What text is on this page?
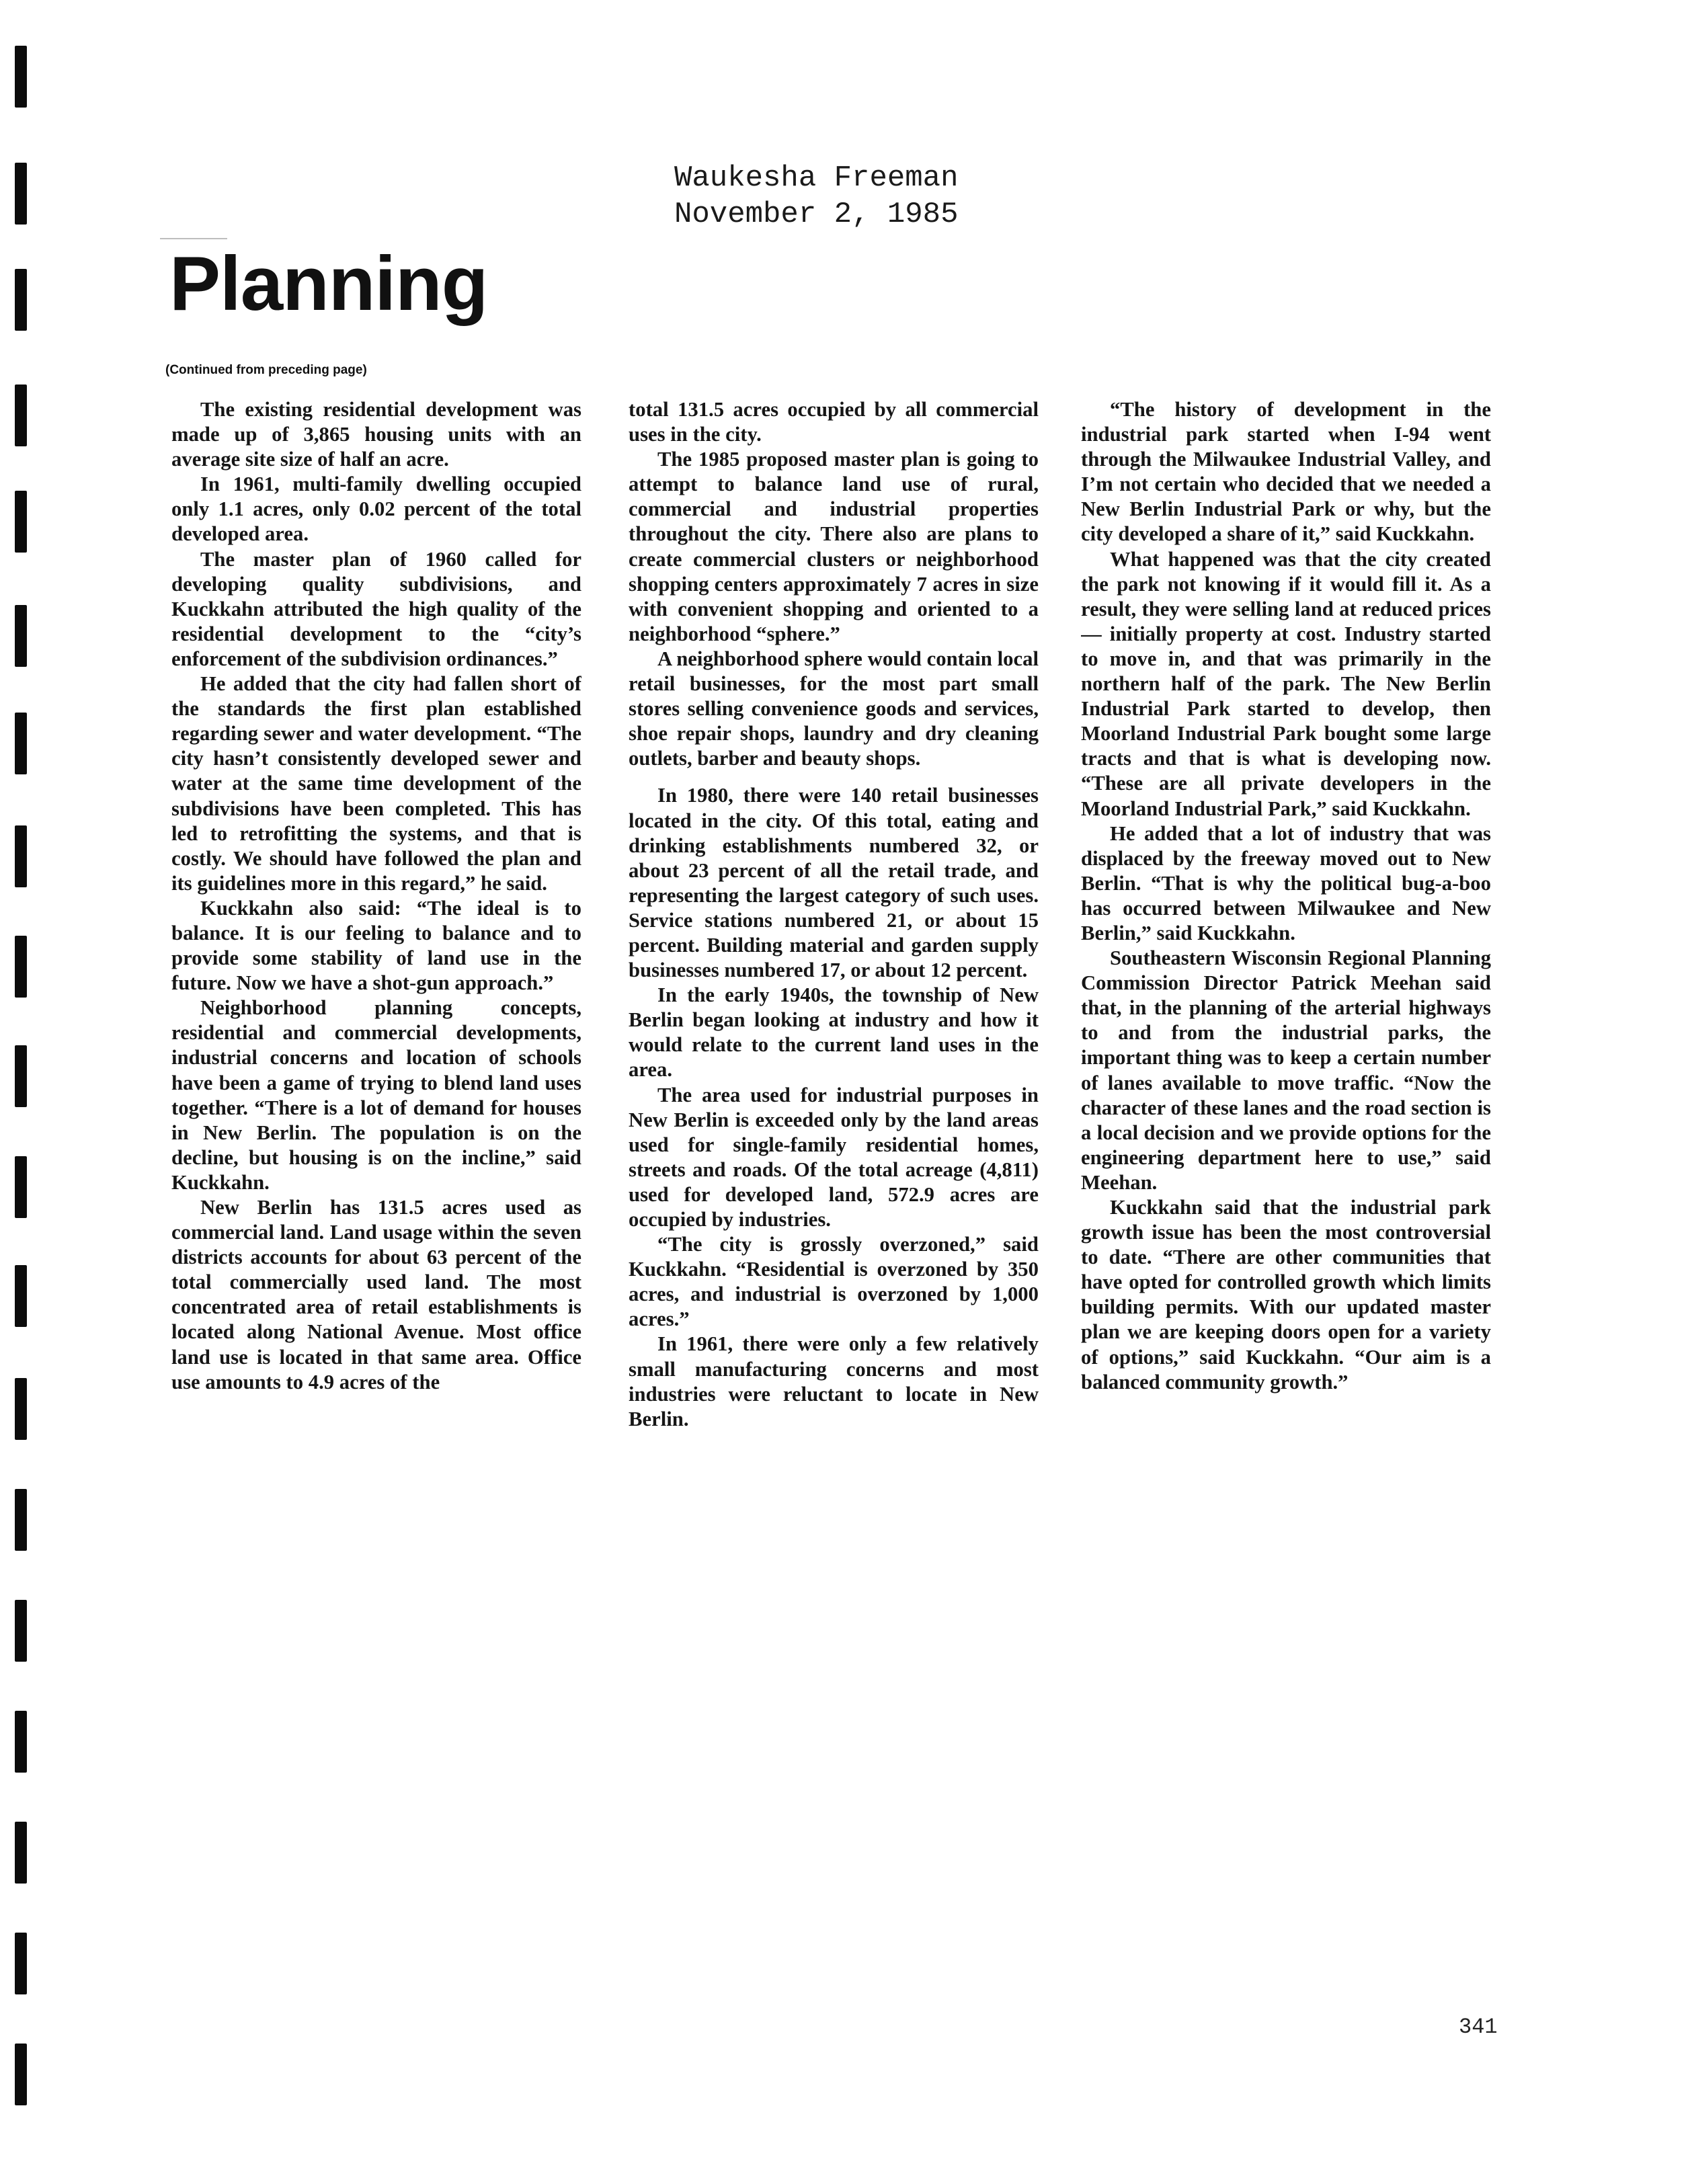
Waukesha Freeman
November 2, 1985
Planning
(Continued from preceding page)

The existing residential development was made up of 3,865 housing units with an average site size of half an acre.

In 1961, multi-family dwelling occupied only 1.1 acres, only 0.02 percent of the total developed area.

The master plan of 1960 called for developing quality subdivisions, and Kuckkahn attributed the high quality of the residential development to the “city’s enforcement of the subdivision ordinances.”

He added that the city had fallen short of the standards the first plan established regarding sewer and water development. “The city hasn’t consistently developed sewer and water at the same time development of the subdivisions have been completed. This has led to retrofitting the systems, and that is costly. We should have followed the plan and its guidelines more in this regard,” he said.

Kuckkahn also said: “The ideal is to balance. It is our feeling to balance and to provide some stability of land use in the future. Now we have a shot-gun approach.”

Neighborhood planning concepts, residential and commercial developments, industrial concerns and location of schools have been a game of trying to blend land uses together. “There is a lot of demand for houses in New Berlin. The population is on the decline, but housing is on the incline,” said Kuckkahn.

New Berlin has 131.5 acres used as commercial land. Land usage within the seven districts accounts for about 63 percent of the total commercially used land. The most concentrated area of retail establishments is located along National Avenue. Most office land use is located in that same area. Office use amounts to 4.9 acres of the

total 131.5 acres occupied by all commercial uses in the city.

The 1985 proposed master plan is going to attempt to balance land use of rural, commercial and industrial properties throughout the city. There also are plans to create commercial clusters or neighborhood shopping centers approximately 7 acres in size with convenient shopping and oriented to a neighborhood “sphere.”

A neighborhood sphere would contain local retail businesses, for the most part small stores selling convenience goods and services, shoe repair shops, laundry and dry cleaning outlets, barber and beauty shops.

In 1980, there were 140 retail businesses located in the city. Of this total, eating and drinking establishments numbered 32, or about 23 percent of all the retail trade, and representing the largest category of such uses. Service stations numbered 21, or about 15 percent. Building material and garden supply businesses numbered 17, or about 12 percent.

In the early 1940s, the township of New Berlin began looking at industry and how it would relate to the current land uses in the area.

The area used for industrial purposes in New Berlin is exceeded only by the land areas used for single-family residential homes, streets and roads. Of the total acreage (4,811) used for developed land, 572.9 acres are occupied by industries.

“The city is grossly overzoned,” said Kuckkahn. “Residential is overzoned by 350 acres, and industrial is overzoned by 1,000 acres.”

In 1961, there were only a few relatively small manufacturing concerns and most industries were reluctant to locate in New Berlin.

“The history of development in the industrial park started when I-94 went through the Milwaukee Industrial Valley, and I’m not certain who decided that we needed a New Berlin Industrial Park or why, but the city developed a share of it,” said Kuckkahn.

What happened was that the city created the park not knowing if it would fill it. As a result, they were selling land at reduced prices — initially property at cost. Industry started to move in, and that was primarily in the northern half of the park. The New Berlin Industrial Park started to develop, then Moorland Industrial Park bought some large tracts and that is what is developing now. “These are all private developers in the Moorland Industrial Park,” said Kuckkahn.

He added that a lot of industry that was displaced by the freeway moved out to New Berlin. “That is why the political bug-a-boo has occurred between Milwaukee and New Berlin,” said Kuckkahn.

Southeastern Wisconsin Regional Planning Commission Director Patrick Meehan said that, in the planning of the arterial highways to and from the industrial parks, the important thing was to keep a certain number of lanes available to move traffic. “Now the character of these lanes and the road section is a local decision and we provide options for the engineering department here to use,” said Meehan.

Kuckkahn said that the industrial park growth issue has been the most controversial to date. “There are other communities that have opted for controlled growth which limits building permits. With our updated master plan we are keeping doors open for a variety of options,” said Kuckkahn. “Our aim is a balanced community growth.”

341
